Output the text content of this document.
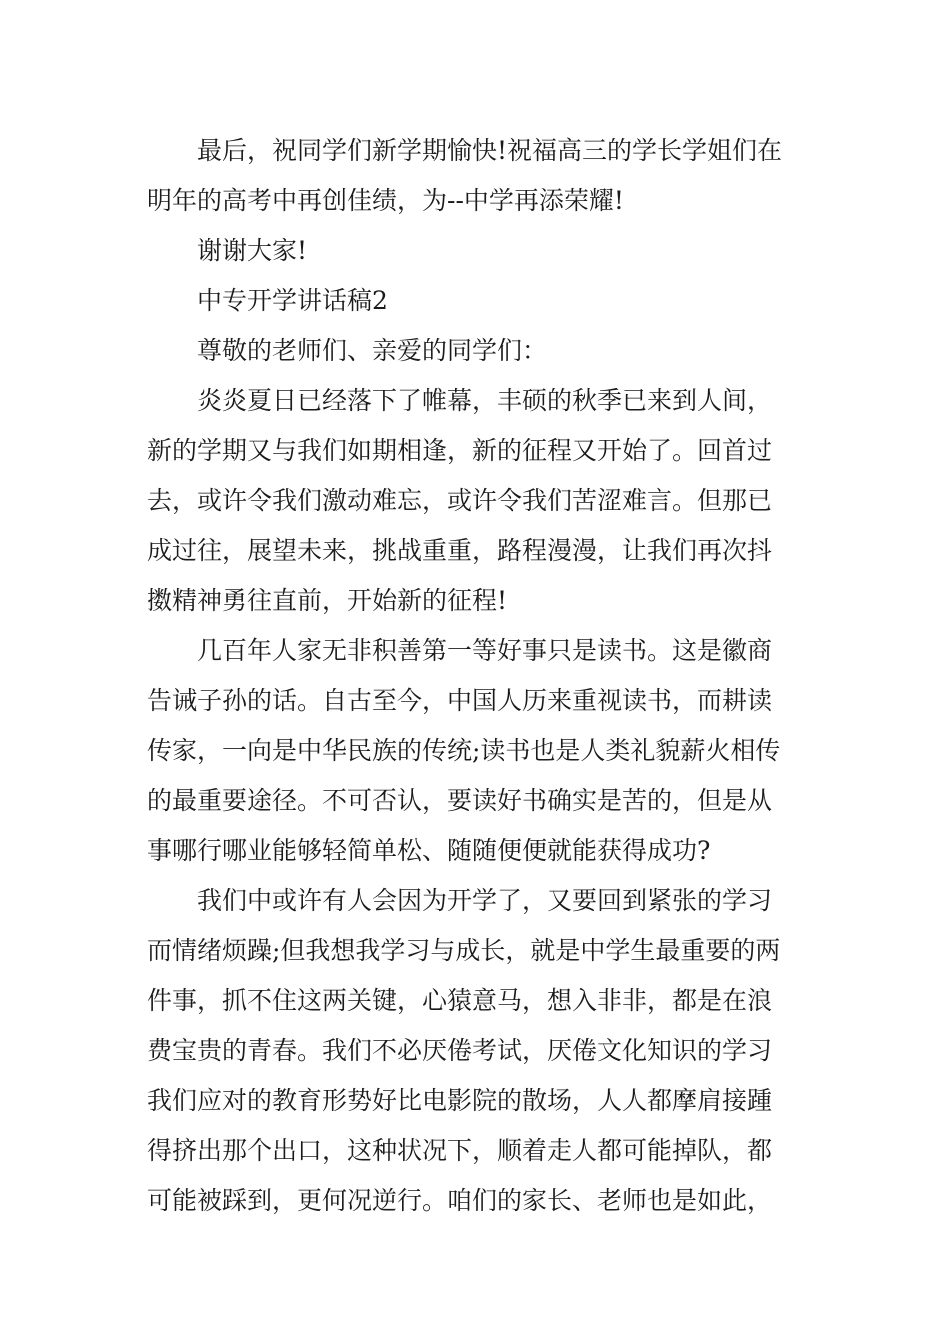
最后，祝同学们新学期愉快!祝福高三的学长学姐们在
明年的高考中再创佳绩，为--中学再添荣耀!
谢谢大家!
中专开学讲话稿2
尊敬的老师们、亲爱的同学们：
炎炎夏日已经落下了帷幕，丰硕的秋季已来到人间，
新的学期又与我们如期相逢，新的征程又开始了。回首过
去，或许令我们激动难忘，或许令我们苦涩难言。但那已
成过往，展望未来，挑战重重，路程漫漫，让我们再次抖
擞精神勇往直前，开始新的征程!
几百年人家无非积善第一等好事只是读书。这是徽商
告诫子孙的话。自古至今，中国人历来重视读书，而耕读
传家，一向是中华民族的传统;读书也是人类礼貌薪火相传
的最重要途径。不可否认，要读好书确实是苦的，但是从
事哪行哪业能够轻简单松、随随便便就能获得成功?
我们中或许有人会因为开学了，又要回到紧张的学习
而情绪烦躁;但我想我学习与成长，就是中学生最重要的两
件事，抓不住这两关键，心猿意马，想入非非，都是在浪
费宝贵的青春。我们不必厌倦考试，厌倦文化知识的学习
我们应对的教育形势好比电影院的散场，人人都摩肩接踵
得挤出那个出口，这种状况下，顺着走人都可能掉队，都
可能被踩到，更何况逆行。咱们的家长、老师也是如此，
